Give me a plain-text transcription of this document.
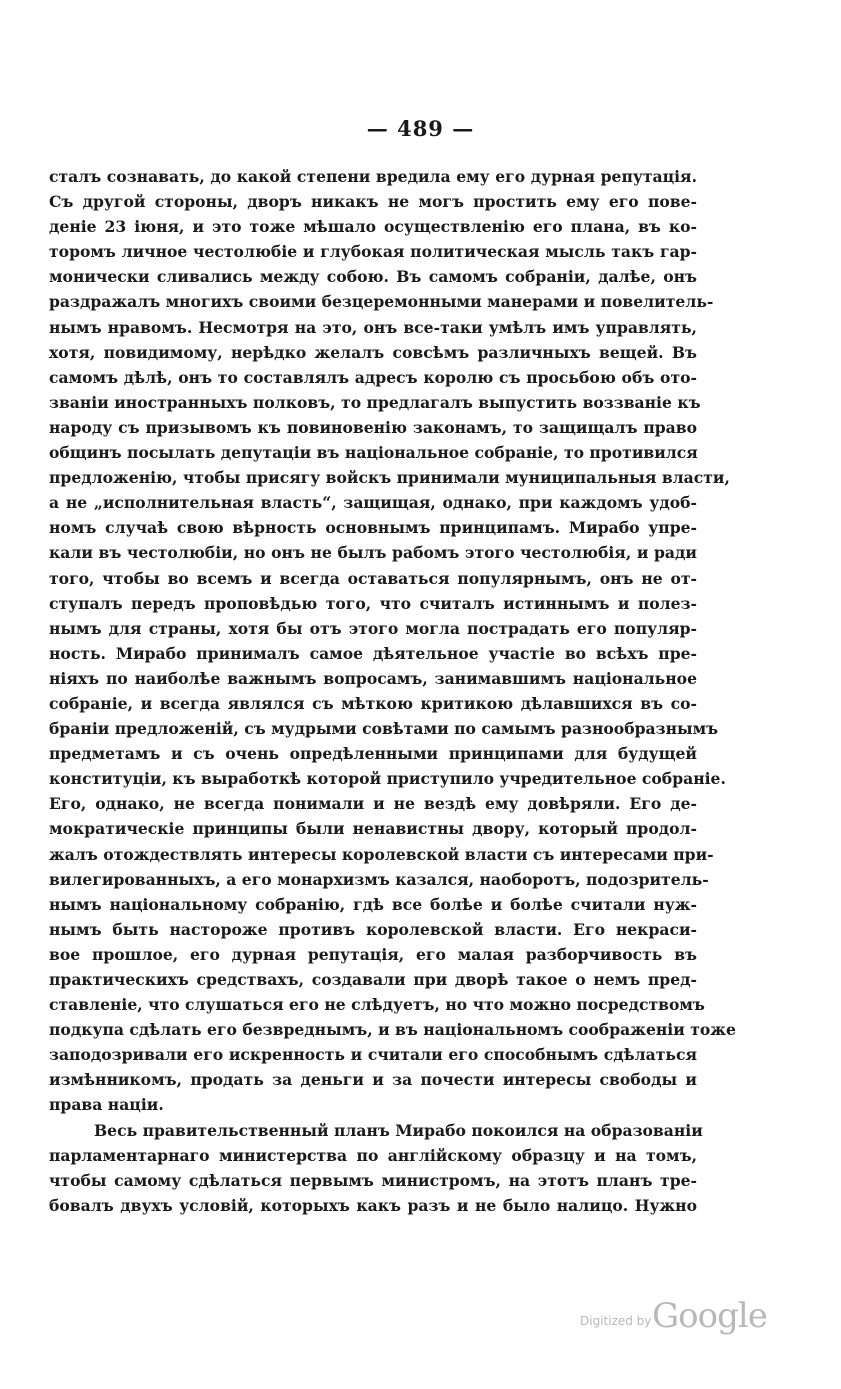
— 489 —
сталъ сознавать, до какой степени вредила ему его дурная репутація.
Съ другой стороны, дворъ никакъ не могъ простить ему его пове-
деніе 23 іюня, и это тоже мѣшало осуществленію его плана, въ ко-
торомъ личное честолюбіе и глубокая политическая мысль такъ гар-
монически сливались между собою. Въ самомъ собраніи, далѣе, онъ
раздражалъ многихъ своими безцеремонными манерами и повелитель-
нымъ нравомъ. Несмотря на это, онъ все-таки умѣлъ имъ управлять,
хотя, повидимому, нерѣдко желалъ совсѣмъ различныхъ вещей. Въ
самомъ дѣлѣ, онъ то составлялъ адресъ королю съ просьбою объ ото-
званіи иностранныхъ полковъ, то предлагалъ выпустить воззваніе къ
народу съ призывомъ къ повиновенію законамъ, то защищалъ право
общинъ посылать депутаціи въ національное собраніе, то противился
предложенію, чтобы присягу войскъ принимали муниципальныя власти,
а не „исполнительная власть“, защищая, однако, при каждомъ удоб-
номъ случаѣ свою вѣрность основнымъ принципамъ. Мирабо упре-
кали въ честолюбіи, но онъ не былъ рабомъ этого честолюбія, и ради
того, чтобы во всемъ и всегда оставаться популярнымъ, онъ не от-
ступалъ передъ проповѣдью того, что считалъ истиннымъ и полез-
нымъ для страны, хотя бы отъ этого могла пострадать его популяр-
ность. Мирабо принималъ самое дѣятельное участіе во всѣхъ пре-
ніяхъ по наиболѣе важнымъ вопросамъ, занимавшимъ національное
собраніе, и всегда являлся съ мѣткою критикою дѣлавшихся въ со-
браніи предложеній, съ мудрыми совѣтами по самымъ разнообразнымъ
предметамъ и съ очень опредѣленными принципами для будущей
конституціи, къ выработкѣ которой приступило учредительное собраніе.
Его, однако, не всегда понимали и не вездѣ ему довѣряли. Его де-
мократическіе принципы были ненавистны двору, который продол-
жалъ отождествлять интересы королевской власти съ интересами при-
вилегированныхъ, а его монархизмъ казался, наоборотъ, подозритель-
нымъ національному собранію, гдѣ все болѣе и болѣе считали нуж-
нымъ быть настороже противъ королевской власти. Его некраси-
вое прошлое, его дурная репутація, его малая разборчивость въ
практическихъ средствахъ, создавали при дворѣ такое о немъ пред-
ставленіе, что слушаться его не слѣдуетъ, но что можно посредствомъ
подкупа сдѣлать его безвреднымъ, и въ національномъ соображеніи тоже
заподозривали его искренность и считали его способнымъ сдѣлаться
измѣнникомъ, продать за деньги и за почести интересы свободы и
права націи.
Весь правительственный планъ Мирабо покоился на образованіи
парламентарнаго министерства по англійскому образцу и на томъ,
чтобы самому сдѣлаться первымъ министромъ, на этотъ планъ тре-
бовалъ двухъ условій, которыхъ какъ разъ и не было налицо. Нужно
Digitized by Google
